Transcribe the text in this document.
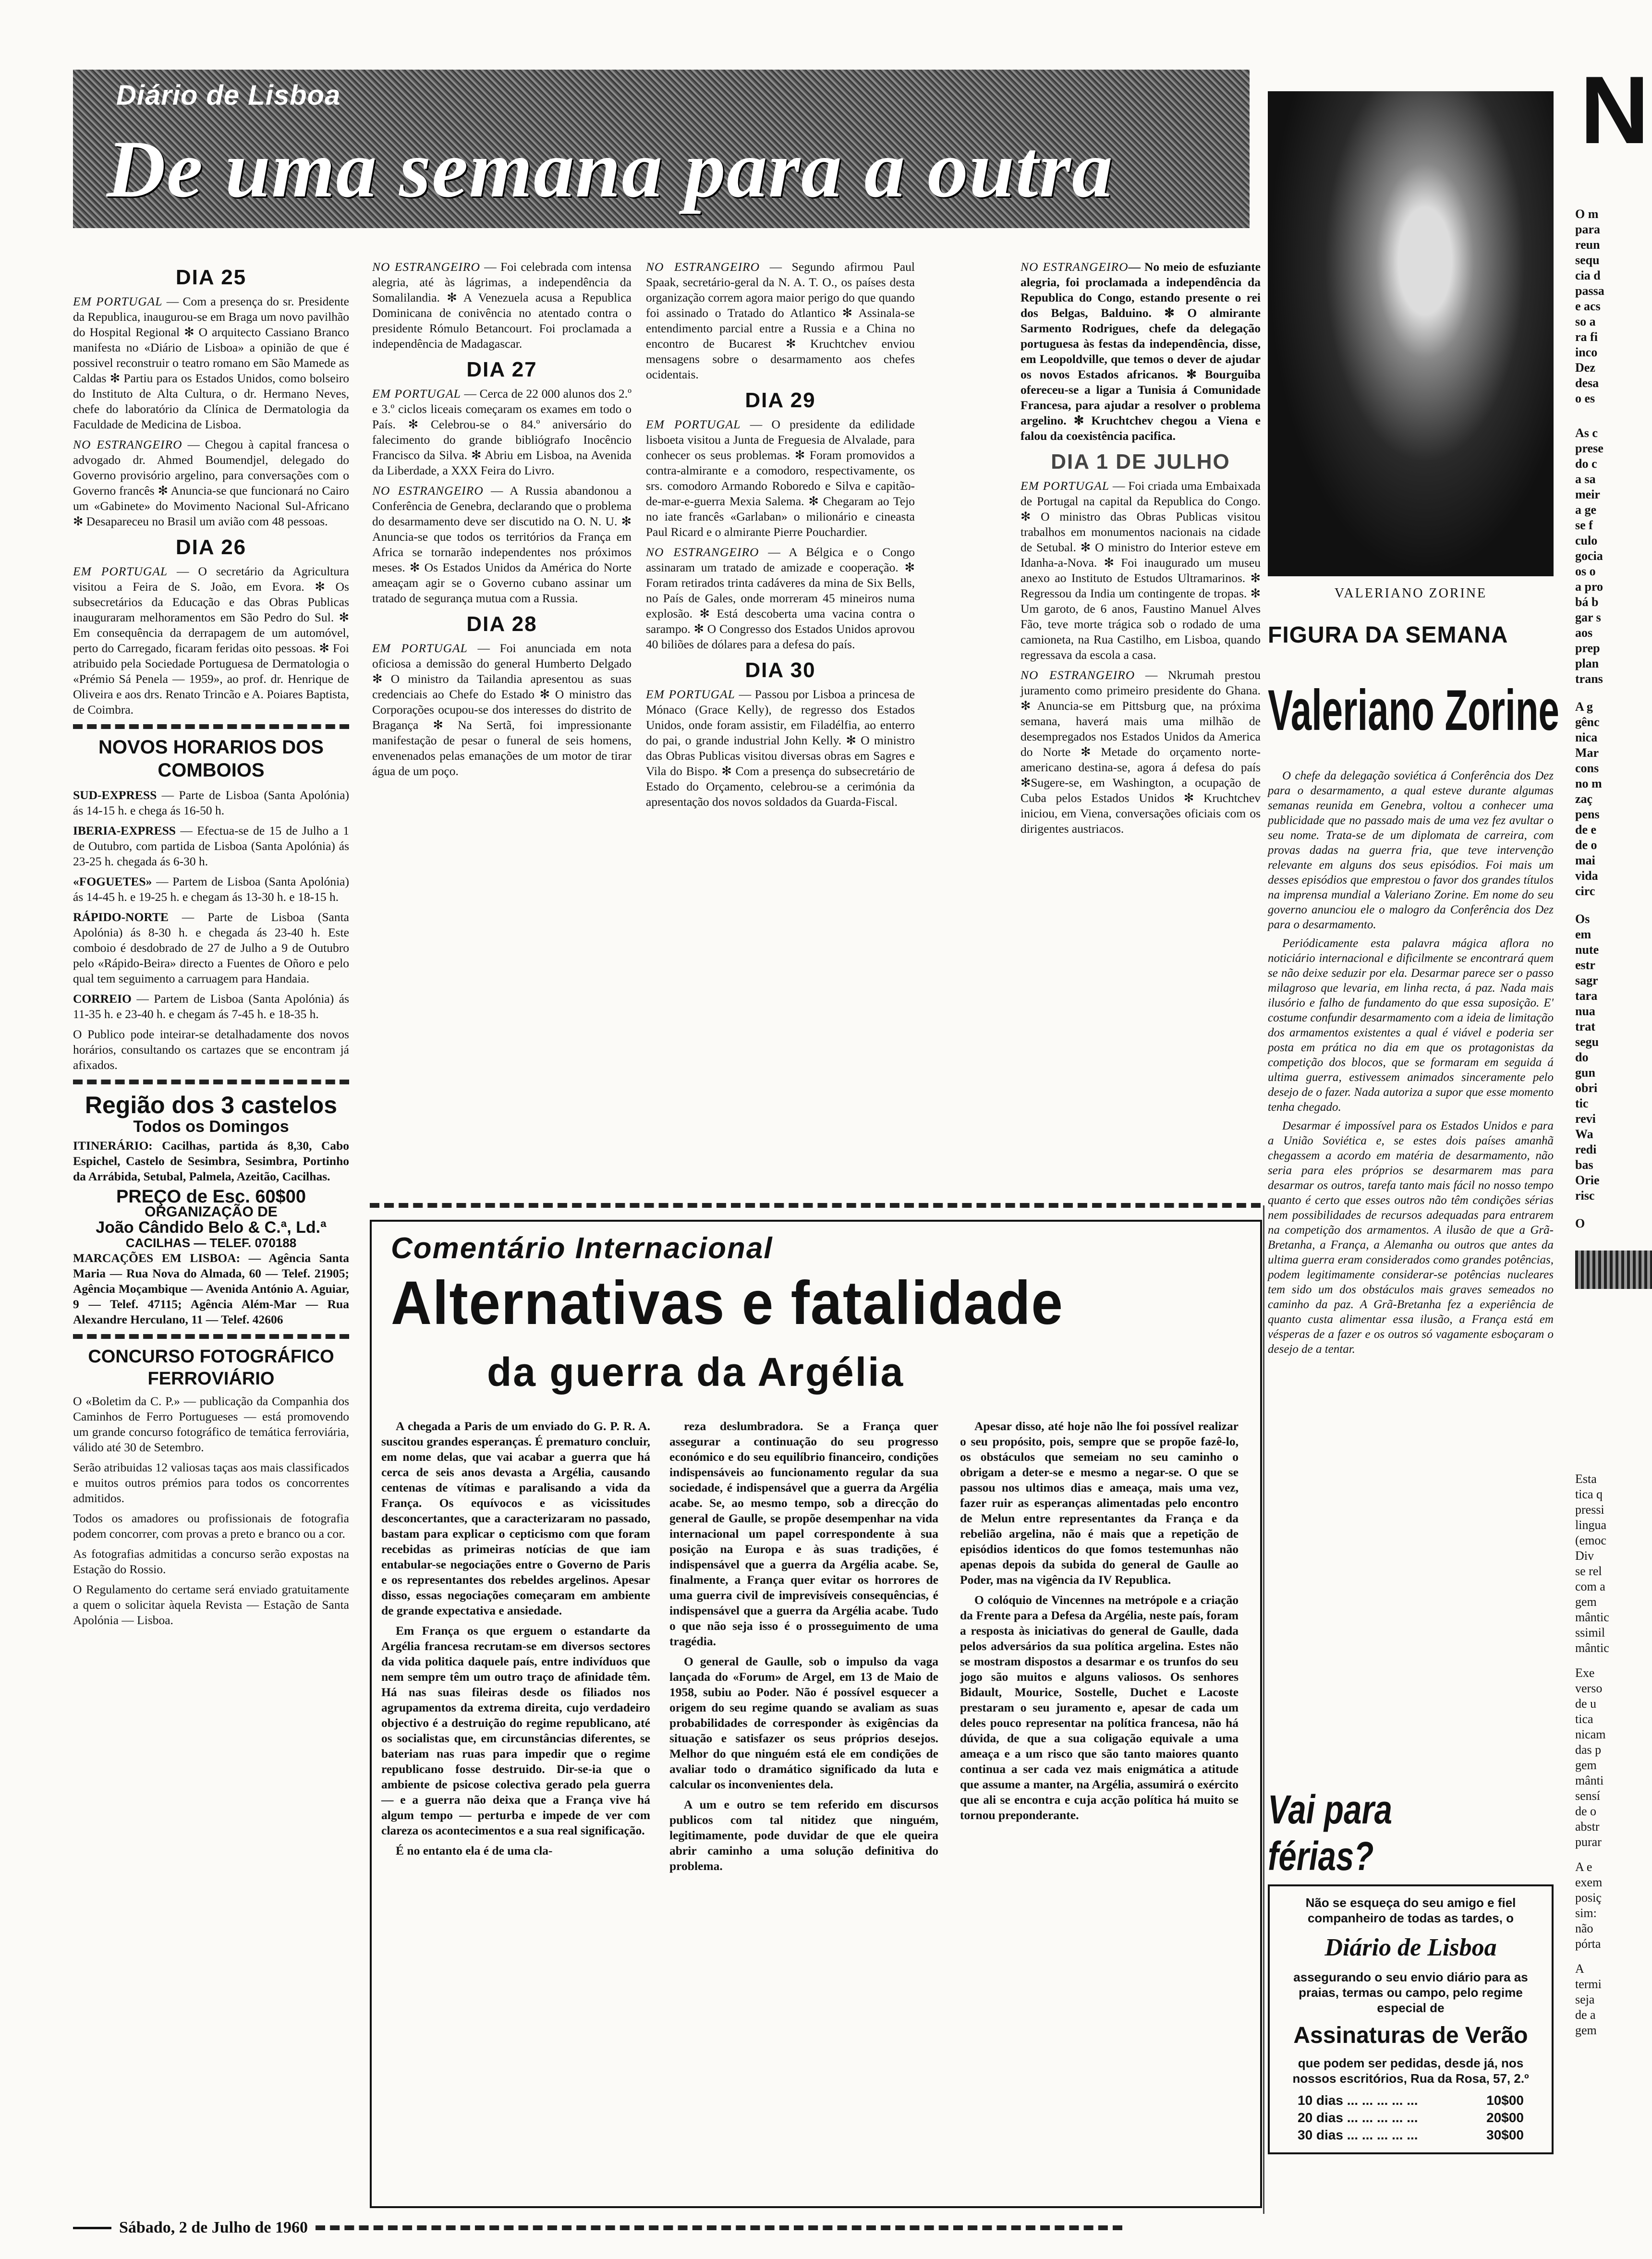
Diário de Lisboa
De uma semana para a outra
DIA 25

EM PORTUGAL — Com a presença do sr. Presidente da Republica, inaugurou-se em Braga um novo pavilhão do Hospital Regional ✻ O arquitecto Cassiano Branco manifesta no «Diário de Lisboa» a opinião de que é possivel reconstruir o teatro romano em São Mamede as Caldas ✻ Partiu para os Estados Unidos, como bolseiro do Instituto de Alta Cultura, o dr. Hermano Neves, chefe do laboratório da Clínica de Dermatologia da Faculdade de Medicina de Lisboa.

NO ESTRANGEIRO — Chegou à capital francesa o advogado dr. Ahmed Boumendjel, delegado do Governo provisório argelino, para conversações com o Governo francês ✻ Anuncia-se que funcionará no Cairo um «Gabinete» do Movimento Nacional Sul-Africano ✻ Desapareceu no Brasil um avião com 48 pessoas.

DIA 26

EM PORTUGAL — O secretário da Agricultura visitou a Feira de S. João, em Evora. ✻ Os subsecretários da Educação e das Obras Publicas inauguraram melhoramentos em São Pedro do Sul. ✻ Em consequência da derrapagem de um automóvel, perto do Carregado, ficaram feridas oito pessoas. ✻ Foi atribuido pela Sociedade Portuguesa de Dermatologia o «Prémio Sá Penela — 1959», ao prof. dr. Henrique de Oliveira e aos drs. Renato Trincão e A. Poiares Baptista, de Coimbra.

NOVOS HORARIOS DOS COMBOIOS

SUD-EXPRESS — Parte de Lisboa (Santa Apolónia) ás 14-15 h. e chega ás 16-50 h.

IBERIA-EXPRESS — Efectua-se de 15 de Julho a 1 de Outubro, com partida de Lisboa (Santa Apolónia) ás 23-25 h. chegada ás 6-30 h.

«FOGUETES» — Partem de Lisboa (Santa Apolónia) ás 14-45 h. e 19-25 h. e chegam ás 13-30 h. e 18-15 h.

RÁPIDO-NORTE — Parte de Lisboa (Santa Apolónia) ás 8-30 h. e chegada ás 23-40 h. Este comboio é desdobrado de 27 de Julho a 9 de Outubro pelo «Rápido-Beira» directo a Fuentes de Oñoro e pelo qual tem seguimento a carruagem para Handaia.

CORREIO — Partem de Lisboa (Santa Apolónia) ás 11-35 h. e 23-40 h. e chegam ás 7-45 h. e 18-35 h.

O Publico pode inteirar-se detalhadamente dos novos horários, consultando os cartazes que se encontram já afixados.

Região dos 3 castelos
Todos os Domingos

ITINERÁRIO: Cacilhas, partida ás 8,30, Cabo Espichel, Castelo de Sesimbra, Sesimbra, Portinho da Arrábida, Setubal, Palmela, Azeitão, Cacilhas.

PREÇO de Esc. 60$00
ORGANIZAÇÃO DE
João Cândido Belo & C.ª, Ld.ª
CACILHAS — TELEF. 070188

MARCAÇÕES EM LISBOA: — Agência Santa Maria — Rua Nova do Almada, 60 — Telef. 21905; Agência Moçambique — Avenida António A. Aguiar, 9 — Telef. 47115; Agência Além-Mar — Rua Alexandre Herculano, 11 — Telef. 42606

CONCURSO FOTOGRÁFICO FERROVIÁRIO

O «Boletim da C. P.» — publicação da Companhia dos Caminhos de Ferro Portugueses — está promovendo um grande concurso fotográfico de temática ferroviária, válido até 30 de Setembro.

Serão atribuidas 12 valiosas taças aos mais classificados e muitos outros prémios para todos os concorrentes admitidos.

Todos os amadores ou profissionais de fotografia podem concorrer, com provas a preto e branco ou a cor.

As fotografias admitidas a concurso serão expostas na Estação do Rossio.

O Regulamento do certame será enviado gratuitamente a quem o solicitar àquela Revista — Estação de Santa Apolónia — Lisboa.

NO ESTRANGEIRO — Foi celebrada com intensa alegria, até às lágrimas, a independência da Somalilandia. ✻ A Venezuela acusa a Republica Dominicana de conivência no atentado contra o presidente Rómulo Betancourt. Foi proclamada a independência de Madagascar.

DIA 27

EM PORTUGAL — Cerca de 22 000 alunos dos 2.º e 3.º ciclos liceais começaram os exames em todo o País. ✻ Celebrou-se o 84.º aniversário do falecimento do grande bibliógrafo Inocêncio Francisco da Silva. ✻ Abriu em Lisboa, na Avenida da Liberdade, a XXX Feira do Livro.

NO ESTRANGEIRO — A Russia abandonou a Conferência de Genebra, declarando que o problema do desarmamento deve ser discutido na O. N. U. ✻ Anuncia-se que todos os territórios da França em Africa se tornarão independentes nos próximos meses. ✻ Os Estados Unidos da América do Norte ameaçam agir se o Governo cubano assinar um tratado de segurança mutua com a Russia.

DIA 28

EM PORTUGAL — Foi anunciada em nota oficiosa a demissão do general Humberto Delgado ✻ O ministro da Tailandia apresentou as suas credenciais ao Chefe do Estado ✻ O ministro das Corporações ocupou-se dos interesses do distrito de Bragança ✻ Na Sertã, foi impressionante manifestação de pesar o funeral de seis homens, envenenados pelas emanações de um motor de tirar água de um poço.

NO ESTRANGEIRO — Segundo afirmou Paul Spaak, secretário-geral da N. A. T. O., os países desta organização correm agora maior perigo do que quando foi assinado o Tratado do Atlantico ✻ Assinala-se entendimento parcial entre a Russia e a China no encontro de Bucarest ✻ Kruchtchev enviou mensagens sobre o desarmamento aos chefes ocidentais.

DIA 29

EM PORTUGAL — O presidente da edilidade lisboeta visitou a Junta de Freguesia de Alvalade, para conhecer os seus problemas. ✻ Foram promovidos a contra-almirante e a comodoro, respectivamente, os srs. comodoro Armando Roboredo e Silva e capitão-de-mar-e-guerra Mexia Salema. ✻ Chegaram ao Tejo no iate francês «Garlaban» o milionário e cineasta Paul Ricard e o almirante Pierre Pouchardier.

NO ESTRANGEIRO — A Bélgica e o Congo assinaram um tratado de amizade e cooperação. ✻ Foram retirados trinta cadáveres da mina de Six Bells, no País de Gales, onde morreram 45 mineiros numa explosão. ✻ Está descoberta uma vacina contra o sarampo. ✻ O Congresso dos Estados Unidos aprovou 40 biliões de dólares para a defesa do país.

DIA 30

EM PORTUGAL — Passou por Lisboa a princesa de Mónaco (Grace Kelly), de regresso dos Estados Unidos, onde foram assistir, em Filadélfia, ao enterro do pai, o grande industrial John Kelly. ✻ O ministro das Obras Publicas visitou diversas obras em Sagres e Vila do Bispo. ✻ Com a presença do subsecretário de Estado do Orçamento, celebrou-se a cerimónia da apresentação dos novos soldados da Guarda-Fiscal.

NO ESTRANGEIRO— No meio de esfuziante alegria, foi proclamada a independência da Republica do Congo, estando presente o rei dos Belgas, Balduino. ✻ O almirante Sarmento Rodrigues, chefe da delegação portuguesa às festas da independência, disse, em Leopoldville, que temos o dever de ajudar os novos Estados africanos. ✻ Bourguiba ofereceu-se a ligar a Tunisia á Comunidade Francesa, para ajudar a resolver o problema argelino. ✻ Kruchtchev chegou a Viena e falou da coexistência pacifica.

DIA 1 DE JULHO

EM PORTUGAL — Foi criada uma Embaixada de Portugal na capital da Republica do Congo. ✻ O ministro das Obras Publicas visitou trabalhos em monumentos nacionais na cidade de Setubal. ✻ O ministro do Interior esteve em Idanha-a-Nova. ✻ Foi inaugurado um museu anexo ao Instituto de Estudos Ultramarinos. ✻ Regressou da India um contingente de tropas. ✻ Um garoto, de 6 anos, Faustino Manuel Alves Fão, teve morte trágica sob o rodado de uma camioneta, na Rua Castilho, em Lisboa, quando regressava da escola a casa.

NO ESTRANGEIRO — Nkrumah prestou juramento como primeiro presidente do Ghana. ✻ Anuncia-se em Pittsburg que, na próxima semana, haverá mais uma milhão de desempregados nos Estados Unidos da America do Norte ✻ Metade do orçamento norte-americano destina-se, agora á defesa do país ✻Sugere-se, em Washington, a ocupação de Cuba pelos Estados Unidos ✻ Kruchtchev iniciou, em Viena, conversações oficiais com os dirigentes austriacos.

Comentário Internacional
Alternativas e fatalidade
da guerra da Argélia

A chegada a Paris de um enviado do G. P. R. A. suscitou grandes esperanças. É prematuro concluir, em nome delas, que vai acabar a guerra que há cerca de seis anos devasta a Argélia, causando centenas de vítimas e paralisando a vida da França. Os equívocos e as vicissitudes desconcertantes, que a caracterizaram no passado, bastam para explicar o cepticismo com que foram recebidas as primeiras notícias de que iam entabular-se negociações entre o Governo de Paris e os representantes dos rebeldes argelinos. Apesar disso, essas negociações começaram em ambiente de grande expectativa e ansiedade.

Em França os que erguem o estandarte da Argélia francesa recrutam-se em diversos sectores da vida politica daquele país, entre indivíduos que nem sempre têm um outro traço de afinidade têm. Há nas suas fileiras desde os filiados nos agrupamentos da extrema direita, cujo verdadeiro objectivo é a destruição do regime republicano, até os socialistas que, em circunstâncias diferentes, se bateriam nas ruas para impedir que o regime republicano fosse destruido. Dir-se-ia que o ambiente de psicose colectiva gerado pela guerra — e a guerra não deixa que a França vive há algum tempo — perturba e impede de ver com clareza os acontecimentos e a sua real significação.

É no entanto ela é de uma cla-

reza deslumbradora. Se a França quer assegurar a continuação do seu progresso económico e do seu equilíbrio financeiro, condições indispensáveis ao funcionamento regular da sua sociedade, é indispensável que a guerra da Argélia acabe. Se, ao mesmo tempo, sob a direcção do general de Gaulle, se propõe desempenhar na vida internacional um papel correspondente à sua posição na Europa e às suas tradições, é indispensável que a guerra da Argélia acabe. Se, finalmente, a França quer evitar os horrores de uma guerra civil de imprevisíveis consequências, é indispensável que a guerra da Argélia acabe. Tudo o que não seja isso é o prosseguimento de uma tragédia.

O general de Gaulle, sob o impulso da vaga lançada do «Forum» de Argel, em 13 de Maio de 1958, subiu ao Poder. Não é possível esquecer a origem do seu regime quando se avaliam as suas probabilidades de corresponder às exigências da situação e satisfazer os seus próprios desejos. Melhor do que ninguém está ele em condições de avaliar todo o dramático significado da luta e calcular os inconvenientes dela.

A um e outro se tem referido em discursos publicos com tal nitidez que ninguém, legitimamente, pode duvidar de que ele queira abrir caminho a uma solução definitiva do problema.

Apesar disso, até hoje não lhe foi possível realizar o seu propósito, pois, sempre que se propõe fazê-lo, os obstáculos que semeiam no seu caminho o obrigam a deter-se e mesmo a negar-se. O que se passou nos ultimos dias e ameaça, mais uma vez, fazer ruir as esperanças alimentadas pelo encontro de Melun entre representantes da França e da rebelião argelina, não é mais que a repetição de episódios identicos do que fomos testemunhas não apenas depois da subida do general de Gaulle ao Poder, mas na vigência da IV Republica.

O colóquio de Vincennes na metrópole e a criação da Frente para a Defesa da Argélia, neste país, foram a resposta às iniciativas do general de Gaulle, dada pelos adversários da sua política argelina. Estes não se mostram dispostos a desarmar e os trunfos do seu jogo são muitos e alguns valiosos. Os senhores Bidault, Mourice, Sostelle, Duchet e Lacoste prestaram o seu juramento e, apesar de cada um deles pouco representar na política francesa, não há dúvida, de que a sua coligação equivale a uma ameaça e a um risco que são tanto maiores quanto continua a ser cada vez mais enigmática a atitude que assume a manter, na Argélia, assumirá o exército que ali se encontra e cuja acção política há muito se tornou preponderante.

VALERIANO ZORINE
FIGURA DA SEMANA
Valeriano Zorine

O chefe da delegação soviética á Conferência dos Dez para o desarmamento, a qual esteve durante algumas semanas reunida em Genebra, voltou a conhecer uma publicidade que no passado mais de uma vez fez avultar o seu nome. Trata-se de um diplomata de carreira, com provas dadas na guerra fria, que teve intervenção relevante em alguns dos seus episódios. Foi mais um desses episódios que emprestou o favor dos grandes títulos na imprensa mundial a Valeriano Zorine. Em nome do seu governo anunciou ele o malogro da Conferência dos Dez para o desarmamento.

Periódicamente esta palavra mágica aflora no noticiário internacional e dificilmente se encontrará quem se não deixe seduzir por ela. Desarmar parece ser o passo milagroso que levaria, em linha recta, á paz. Nada mais ilusório e falho de fundamento do que essa suposição. E' costume confundir desarmamento com a ideia de limitação dos armamentos existentes a qual é viável e poderia ser posta em prática no dia em que os protagonistas da competição dos blocos, que se formaram em seguida á ultima guerra, estivessem animados sinceramente pelo desejo de o fazer. Nada autoriza a supor que esse momento tenha chegado.

Desarmar é impossível para os Estados Unidos e para a União Soviética e, se estes dois países amanhã chegassem a acordo em matéria de desarmamento, não seria para eles próprios se desarmarem mas para desarmar os outros, tarefa tanto mais fácil no nosso tempo quanto é certo que esses outros não têm condições sérias nem possibilidades de recursos adequadas para entrarem na competição dos armamentos. A ilusão de que a Grã-Bretanha, a França, a Alemanha ou outros que antes da ultima guerra eram considerados como grandes potências, podem legitimamente considerar-se potências nucleares tem sido um dos obstáculos mais graves semeados no caminho da paz. A Grã-Bretanha fez a experiência de quanto custa alimentar essa ilusão, a França está em vésperas de a fazer e os outros só vagamente esboçaram o desejo de a tentar.

Vai para férias?
Não se esqueça do seu amigo e fiel companheiro de todas as tardes, o
Diário de Lisboa
assegurando o seu envio diário para as praias, termas ou campo, pelo regime especial de
Assinaturas de Verão
que podem ser pedidas, desde já, nos nossos escritórios, Rua da Rosa, 57, 2.º
10 dias ... ... ... ... ...	10$00
20 dias ... ... ... ... ...	20$00
30 dias ... ... ... ... ...	30$00
N
O m
para
reun
sequ
cia d
passa
e acs
so a
ra fi
inco
Dez
desa
o es
As c
prese
do c
a sa
meir
a ge
se f
culo
gocia
os o
a pro
bá b
gar s
aos
prep
plan
trans
A g
gênc
nica
Mar
cons
no m
zaç
pens
de e
de o
mai
vida
circ
Os
em
nute
estr
sagr
tara
nua
trat
segu
do
gun
obri
tic
revi
Wa
redi
bas
Orie
risc
O
Esta
tica q
pressi
lingua
(emoc
Div
se rel
com a
gem
mântic
ssimil
mântic
Exe
verso
de u
tica
nicam
das p
gem
mânti
sensí
de o
abstr
purar
A e
exem
posiç
sim:
não
pórta
A
termi
seja
de a
gem
Sábado, 2 de Julho de 1960
